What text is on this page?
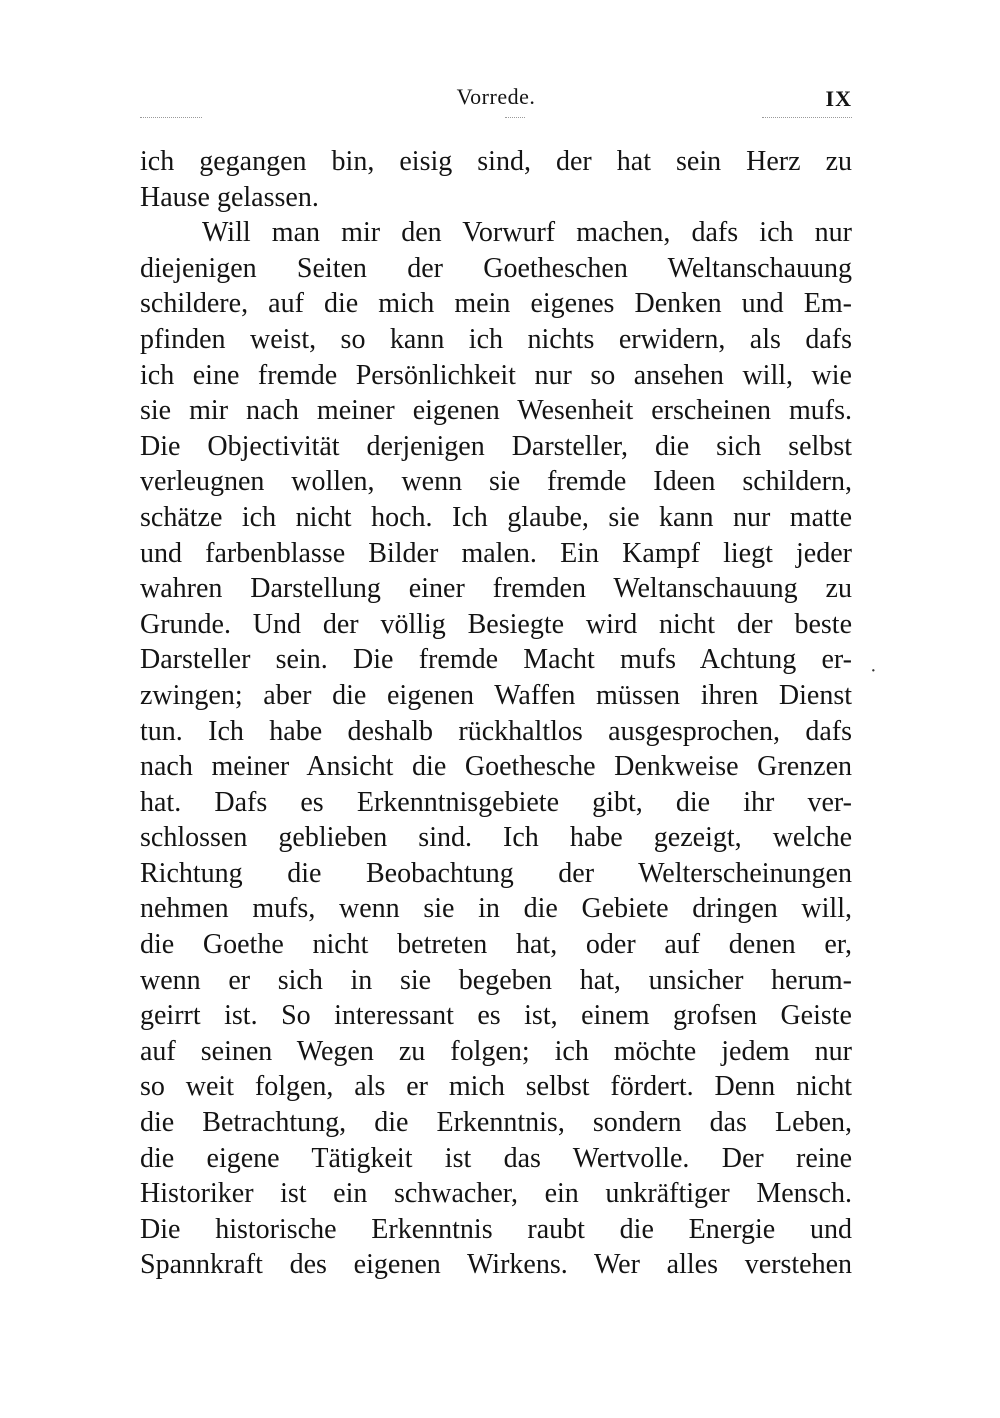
Vorrede.	IX
ich gegangen bin, eisig sind, der hat sein Herz zu
Hause gelassen.
Will man mir den Vorwurf machen, dafs ich nur
diejenigen Seiten der Goetheschen Weltanschauung
schildere, auf die mich mein eigenes Denken und Em-
pfinden weist, so kann ich nichts erwidern, als dafs
ich eine fremde Persönlichkeit nur so ansehen will, wie
sie mir nach meiner eigenen Wesenheit erscheinen mufs.
Die Objectivität derjenigen Darsteller, die sich selbst
verleugnen wollen, wenn sie fremde Ideen schildern,
schätze ich nicht hoch. Ich glaube, sie kann nur matte
und farbenblasse Bilder malen. Ein Kampf liegt jeder
wahren Darstellung einer fremden Weltanschauung zu
Grunde. Und der völlig Besiegte wird nicht der beste
Darsteller sein. Die fremde Macht mufs Achtung er-
zwingen; aber die eigenen Waffen müssen ihren Dienst
tun. Ich habe deshalb rückhaltlos ausgesprochen, dafs
nach meiner Ansicht die Goethesche Denkweise Grenzen
hat. Dafs es Erkenntnisgebiete gibt, die ihr ver-
schlossen geblieben sind. Ich habe gezeigt, welche
Richtung die Beobachtung der Welterscheinungen
nehmen mufs, wenn sie in die Gebiete dringen will,
die Goethe nicht betreten hat, oder auf denen er,
wenn er sich in sie begeben hat, unsicher herum-
geirrt ist. So interessant es ist, einem grofsen Geiste
auf seinen Wegen zu folgen; ich möchte jedem nur
so weit folgen, als er mich selbst fördert. Denn nicht
die Betrachtung, die Erkenntnis, sondern das Leben,
die eigene Tätigkeit ist das Wertvolle. Der reine
Historiker ist ein schwacher, ein unkräftiger Mensch.
Die historische Erkenntnis raubt die Energie und
Spannkraft des eigenen Wirkens. Wer alles verstehen
·
